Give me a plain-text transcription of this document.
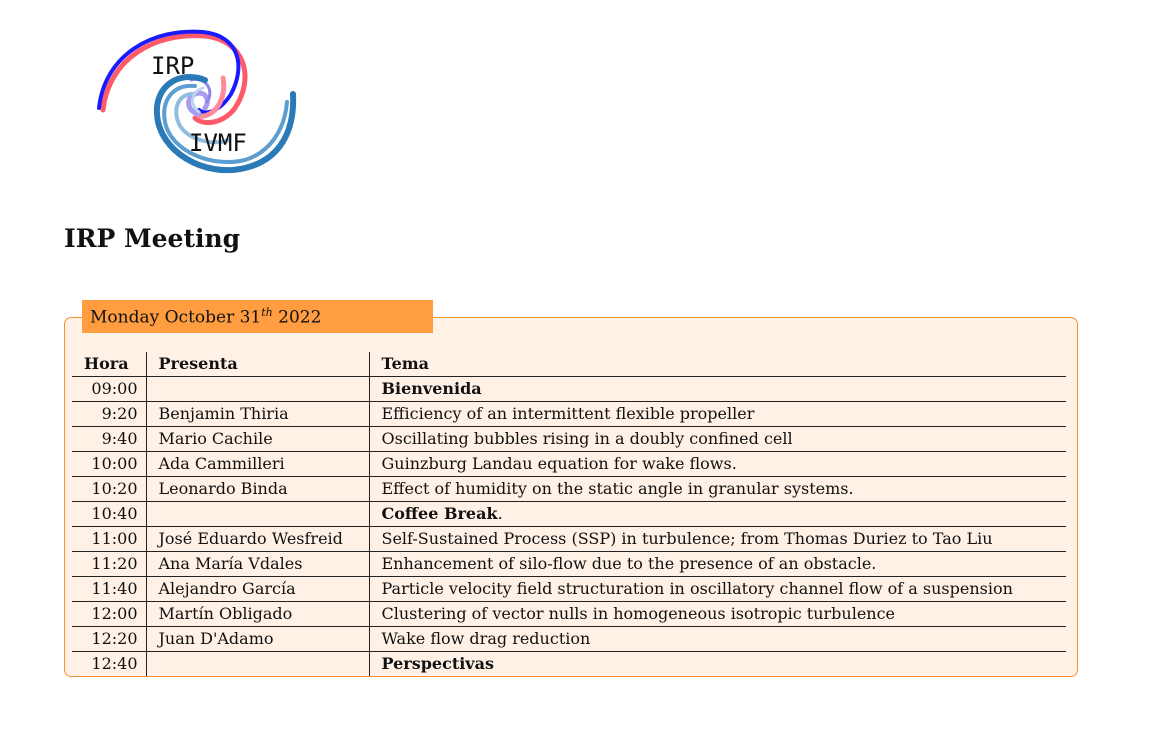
IRP
IVMF
IRP Meeting
Monday October 31th 2022
Hora	Presenta	Tema
09:00		Bienvenida
9:20	Benjamin Thiria	Efficiency of an intermittent flexible propeller
9:40	Mario Cachile	Oscillating bubbles rising in a doubly confined cell
10:00	Ada Cammilleri	Guinzburg Landau equation for wake flows.
10:20	Leonardo Binda	Effect of humidity on the static angle in granular systems.
10:40		Coffee Break.
11:00	José Eduardo Wesfreid	Self-Sustained Process (SSP) in turbulence; from Thomas Duriez to Tao Liu
11:20	Ana María Vdales	Enhancement of silo-flow due to the presence of an obstacle.
11:40	Alejandro García	Particle velocity field structuration in oscillatory channel flow of a suspension
12:00	Martín Obligado	Clustering of vector nulls in homogeneous isotropic turbulence
12:20	Juan D'Adamo	Wake flow drag reduction
12:40		Perspectivas
